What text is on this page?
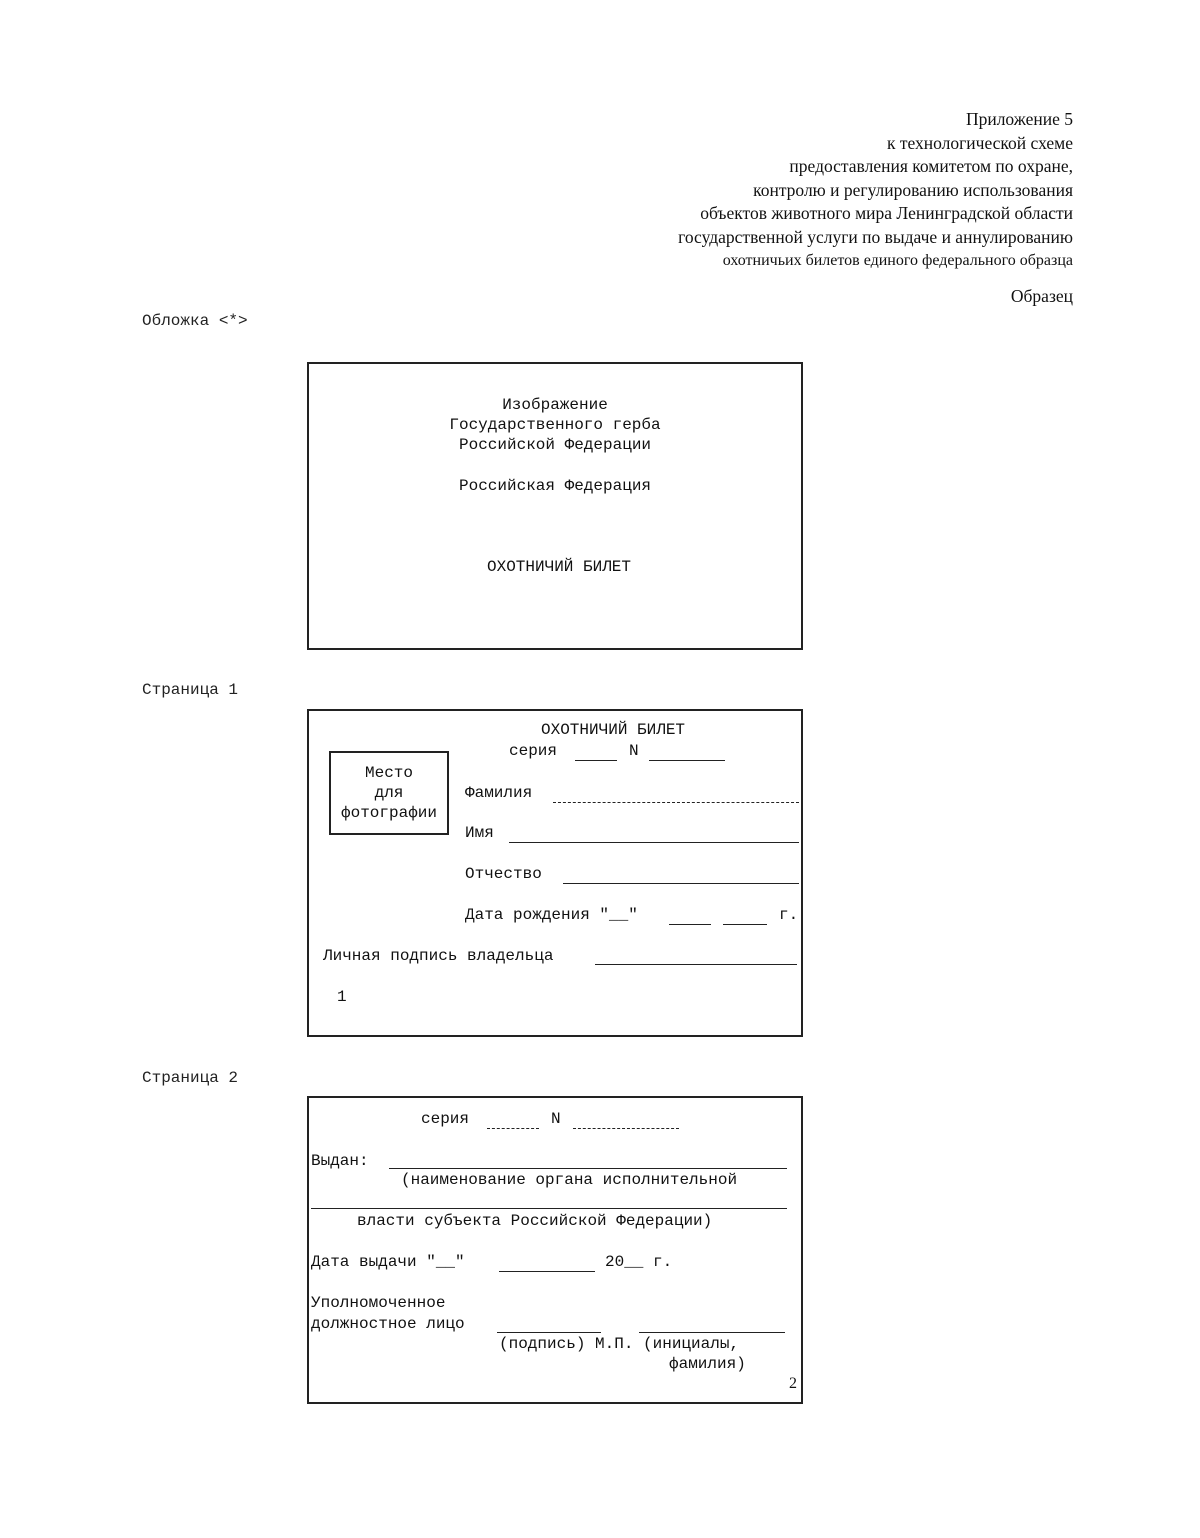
Приложение 5
к технологической схеме
предоставления комитетом по охране,
контролю и регулированию использования
объектов животного мира Ленинградской области
государственной услуги по выдаче и аннулированию
охотничьих билетов единого федерального образца
Образец
Обложка <*>
Изображение
Государственного герба
Российской Федерации
Российская Федерация
ОХОТНИЧИЙ БИЛЕТ
Страница 1
ОХОТНИЧИЙ БИЛЕТ
серия	N
Место
для
фотографии
Фамилия
Имя
Отчество
Дата рождения "__"	г.
Личная подпись владельца
1
Страница 2
серия	N
Выдан:
(наименование органа исполнительной
власти субъекта Российской Федерации)
Дата выдачи "__"	20__ г.
Уполномоченное
должностное лицо
(подпись) М.П. (инициалы,
фамилия)
2
